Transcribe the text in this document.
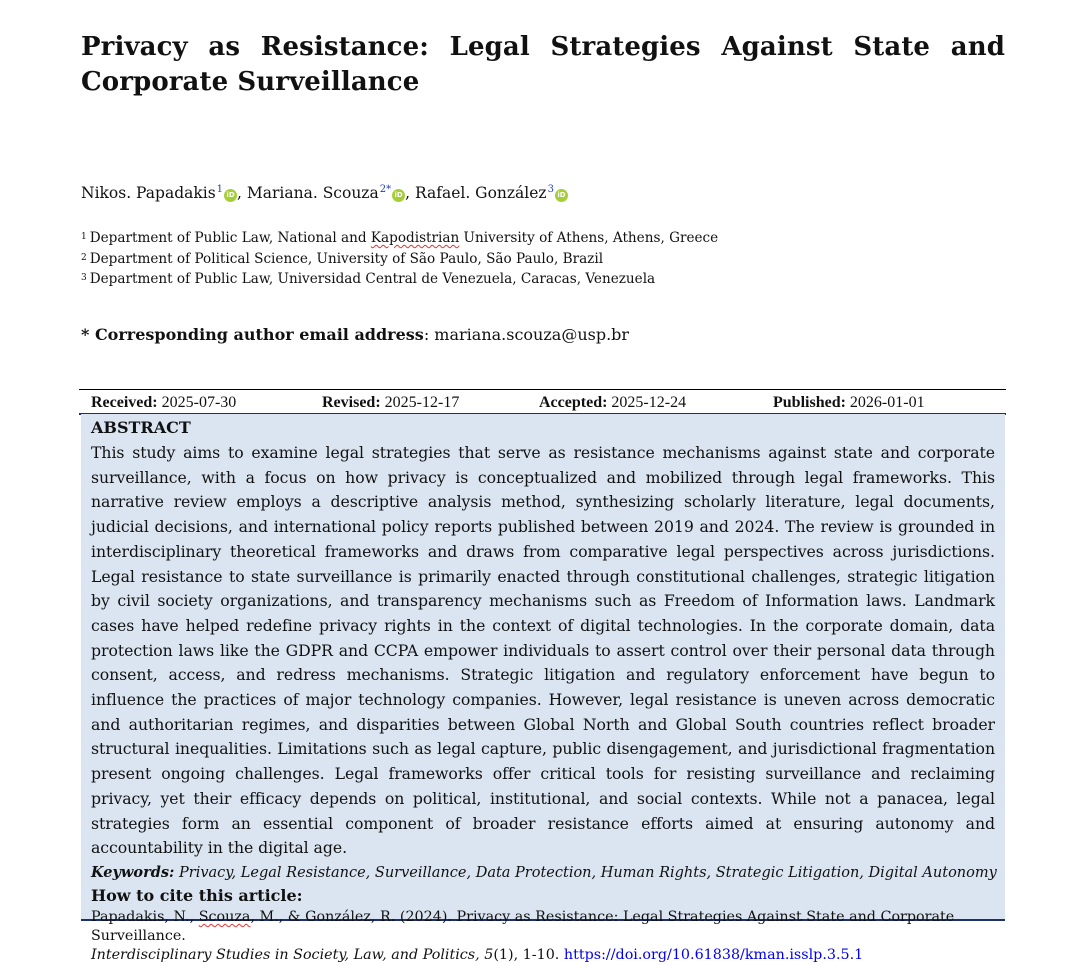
Privacy as Resistance: Legal Strategies Against State and Corporate Surveillance
Nikos. Papadakis$^1$ iD , Mariana. Scouza$^{2*}$ iD , Rafael. González$^3$ iD
$^1$ Department of Public Law, National and Kapodistrian University of Athens, Athens, Greece
$^2$ Department of Political Science, University of São Paulo, São Paulo, Brazil
$^3$ Department of Public Law, Universidad Central de Venezuela, Caracas, Venezuela
* Corresponding author email address: mariana.scouza@usp.br
Received: 2025-07-30	Revised: 2025-12-17	Accepted: 2025-12-24	Published: 2026-01-01
ABSTRACT

This study aims to examine legal strategies that serve as resistance mechanisms against state and corporate surveillance, with a focus on how privacy is conceptualized and mobilized through legal frameworks. This narrative review employs a descriptive analysis method, synthesizing scholarly literature, legal documents, judicial decisions, and international policy reports published between 2019 and 2024. The review is grounded in interdisciplinary theoretical frameworks and draws from comparative legal perspectives across jurisdictions. Legal resistance to state surveillance is primarily enacted through constitutional challenges, strategic litigation by civil society organizations, and transparency mechanisms such as Freedom of Information laws. Landmark cases have helped redefine privacy rights in the context of digital technologies. In the corporate domain, data protection laws like the GDPR and CCPA empower individuals to assert control over their personal data through consent, access, and redress mechanisms. Strategic litigation and regulatory enforcement have begun to influence the practices of major technology companies. However, legal resistance is uneven across democratic and authoritarian regimes, and disparities between Global North and Global South countries reflect broader structural inequalities. Limitations such as legal capture, public disengagement, and jurisdictional fragmentation present ongoing challenges. Legal frameworks offer critical tools for resisting surveillance and reclaiming privacy, yet their efficacy depends on political, institutional, and social contexts. While not a panacea, legal strategies form an essential component of broader resistance efforts aimed at ensuring autonomy and accountability in the digital age.

Keywords: Privacy, Legal Resistance, Surveillance, Data Protection, Human Rights, Strategic Litigation, Digital Autonomy
How to cite this article:
Papadakis, N., Scouza, M., & González, R. (2024). Privacy as Resistance: Legal Strategies Against State and Corporate Surveillance.
Interdisciplinary Studies in Society, Law, and Politics, 5(1), 1-10. https://doi.org/10.61838/kman.isslp.3.5.1
